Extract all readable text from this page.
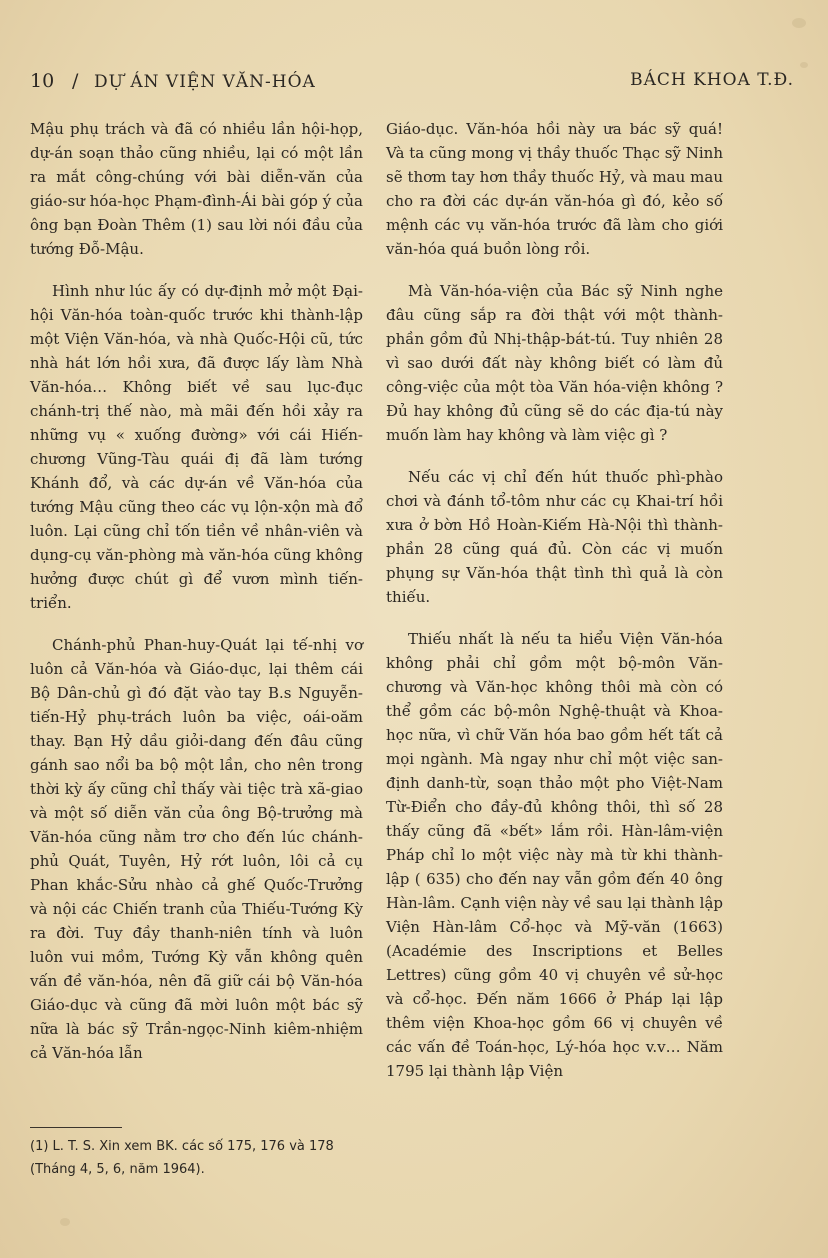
10 / DỰ ÁN VIỆN VĂN-HÓA	BÁCH KHOA T.Đ.

Mậu phụ trách và đã có nhiều lần hội-họp, dự-án soạn thảo cũng nhiều, lại có một lần ra mắt công-chúng với bài diễn-văn của giáo-sư hóa-học Phạm-đình-Ái bài góp ý của ông bạn Đoàn Thêm (1) sau lời nói đầu của tướng Đỗ-Mậu.

Hình như lúc ấy có dự-định mở một Đại-hội Văn-hóa toàn-quốc trước khi thành-lập một Viện Văn-hóa, và nhà Quốc-Hội cũ, tức nhà hát lớn hồi xưa, đã được lấy làm Nhà Văn-hóa… Không biết về sau lục-đục chánh-trị thế nào, mà mãi đến hồi xảy ra những vụ « xuống đường» với cái Hiến-chương Vũng-Tàu quái đị đã làm tướng Khánh đổ, và các dự-án về Văn-hóa của tướng Mậu cũng theo các vụ lộn-xộn mà đổ luôn. Lại cũng chỉ tốn tiền về nhân-viên và dụng-cụ văn-phòng mà văn-hóa cũng không hưởng được chút gì để vươn mình tiến-triển.

Chánh-phủ Phan-huy-Quát lại tế-nhị vơ luôn cả Văn-hóa và Giáo-dục, lại thêm cái Bộ Dân-chủ gì đó đặt vào tay B.s Nguyễn-tiến-Hỷ phụ-trách luôn ba việc, oái-oăm thay. Bạn Hỷ dầu giỏi-dang đến đâu cũng gánh sao nổi ba bộ một lần, cho nên trong thời kỳ ấy cũng chỉ thấy vài tiệc trà xã-giao và một số diễn văn của ông Bộ-trưởng mà Văn-hóa cũng nằm trơ cho đến lúc chánh-phủ Quát, Tuyên, Hỷ rớt luôn, lôi cả cụ Phan khắc-Sửu nhào cả ghế Quốc-Trưởng và nội các Chiến tranh của Thiếu-Tướng Kỳ ra đời. Tuy đầy thanh-niên tính và luôn luôn vui mồm, Tướng Kỳ vẫn không quên vấn đề văn-hóa, nên đã giữ cái bộ Văn-hóa Giáo-dục và cũng đã mời luôn một bác sỹ nữa là bác sỹ Trần-ngọc-Ninh kiêm-nhiệm cả Văn-hóa lẫn

Giáo-dục. Văn-hóa hồi này ưa bác sỹ quá! Và ta cũng mong vị thầy thuốc Thạc sỹ Ninh sẽ thơm tay hơn thầy thuốc Hỷ, và mau mau cho ra đời các dự-án văn-hóa gì đó, kẻo số mệnh các vụ văn-hóa trước đã làm cho giới văn-hóa quá buồn lòng rồi.

Mà Văn-hóa-viện của Bác sỹ Ninh nghe đâu cũng sắp ra đời thật với một thành-phần gồm đủ Nhị-thập-bát-tú. Tuy nhiên 28 vì sao dưới đất này không biết có làm đủ công-việc của một tòa Văn hóa-viện không ? Đủ hay không đủ cũng sẽ do các địa-tú này muốn làm hay không và làm việc gì ?

Nếu các vị chỉ đến hút thuốc phì-phào chơi và đánh tổ-tôm như các cụ Khai-trí hồi xưa ở bờn Hồ Hoàn-Kiếm Hà-Nội thì thành-phần 28 cũng quá đủ. Còn các vị muốn phụng sự Văn-hóa thật tình thì quả là còn thiếu.

Thiếu nhất là nếu ta hiểu Viện Văn-hóa không phải chỉ gồm một bộ-môn Văn-chương và Văn-học không thôi mà còn có thể gồm các bộ-môn Nghệ-thuật và Khoa-học nữa, vì chữ Văn hóa bao gồm hết tất cả mọi ngành. Mà ngay như chỉ một việc san-định danh-từ, soạn thảo một pho Việt-Nam Từ-Điển cho đầy-đủ không thôi, thì số 28 thấy cũng đã «bết» lắm rồi. Hàn-lâm-viện Pháp chỉ lo một việc này mà từ khi thành-lập ( 635) cho đến nay vẫn gồm đến 40 ông Hàn-lâm. Cạnh viện này về sau lại thành lập Viện Hàn-lâm Cổ-học và Mỹ-văn (1663) (Académie des Inscriptions et Belles Lettres) cũng gồm 40 vị chuyên về sử-học và cổ-học. Đến năm 1666 ở Pháp lại lập thêm viện Khoa-học gồm 66 vị chuyên về các vấn đề Toán-học, Lý-hóa học v.v… Năm 1795 lại thành lập Viện

(1) L. T. S. Xin xem BK. các số 175, 176 và 178 (Tháng 4, 5, 6, năm 1964).
